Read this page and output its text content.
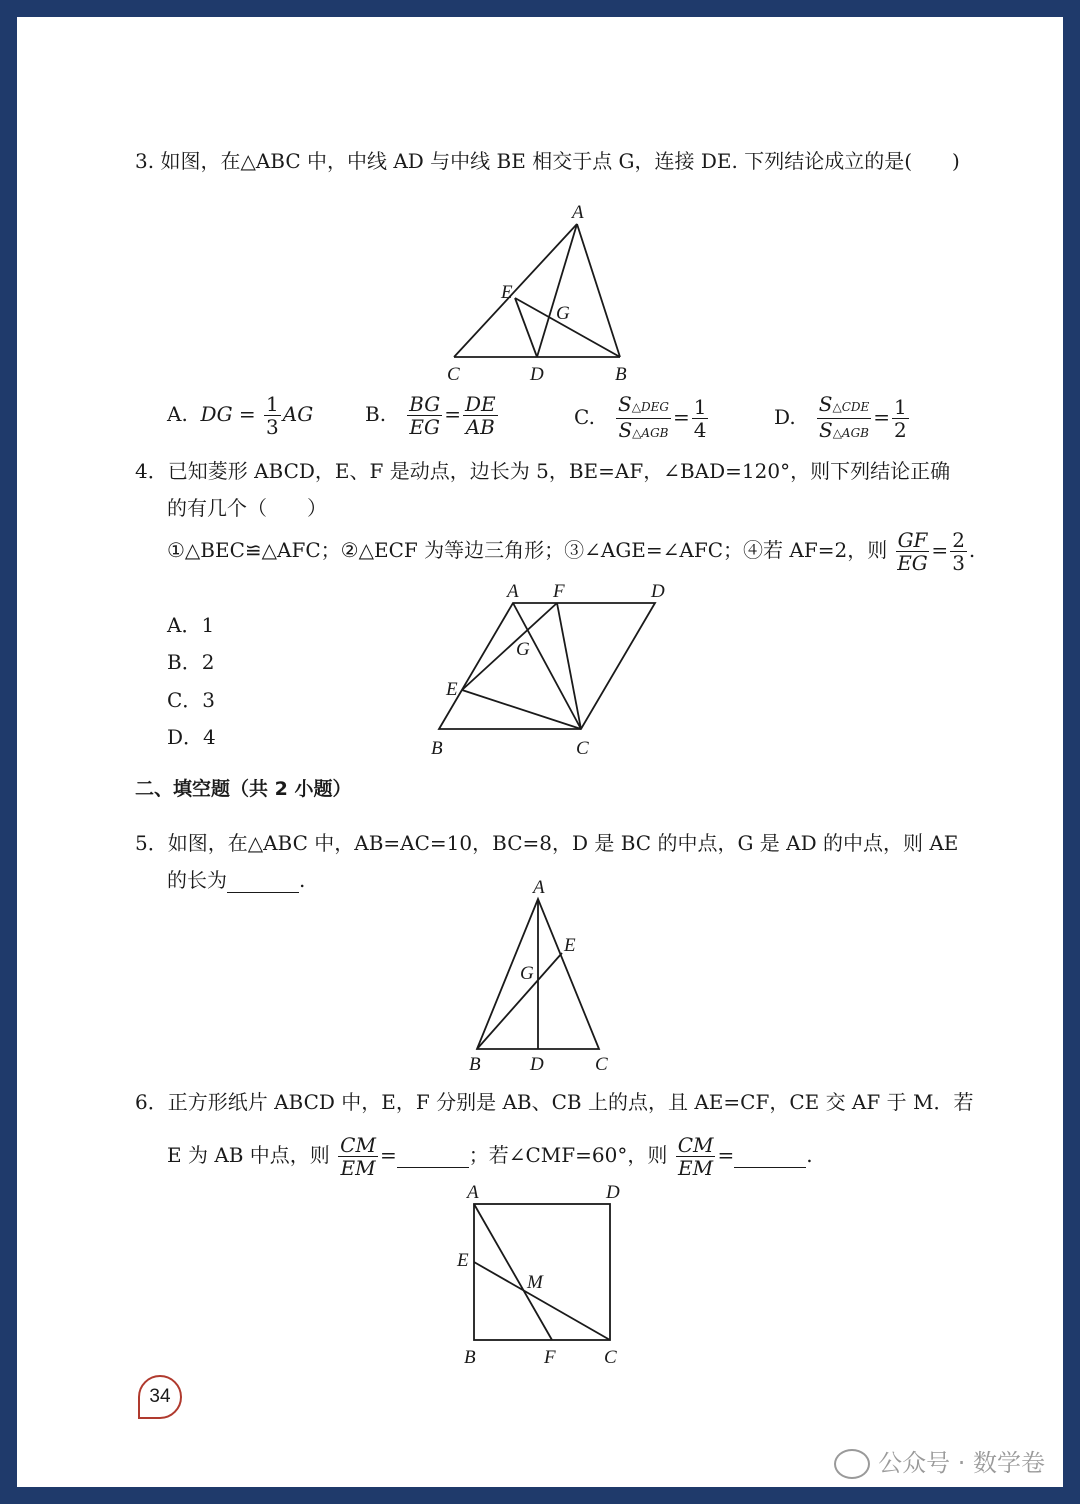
3. 如图，在△ABC 中，中线 AD 与中线 BE 相交于点 G，连接 DE. 下列结论成立的是(　　)
A
E
G
C	D	B
A. DG = $\frac{1}{3}$ AG	B. $\frac{BG}{EG} = \frac{DE}{AB}$	C. $\frac{\text{S△DEG}}{\text{S△AGB}} = \frac{1}{4}$	D. $\frac{\text{S△CDE}}{\text{S△AGB}} = \frac{1}{2}$
4．已知菱形 ABCD，E、F 是动点，边长为 5，BE=AF，∠BAD=120°，则下列结论正确
的有几个（　　）
①△BEC≌△AFC；②△ECF 为等边三角形；③∠AGE=∠AFC；④若 AF=2，则 $\frac{GF}{EG} = \frac{2}{3}$ .
A．1
B．2
C．3
D．4
A F	D
G
E
B	C
二、填空题（共 2 小题）
5．如图，在△ABC 中，AB=AC=10，BC=8，D 是 BC 的中点，G 是 AD 的中点，则 AE
的长为	.	A
E
G
B	D	C
6．正方形纸片 ABCD 中，E，F 分别是 AB、CB 上的点，且 AE=CF，CE 交 AF 于 M．若
E 为 AB 中点，则 $\frac{CM}{EM}$ =	；若∠CMF=60°，则 $\frac{CM}{EM}$ =	.
A	D
E
M
B	F	C
34
公众号 · 数学卷
